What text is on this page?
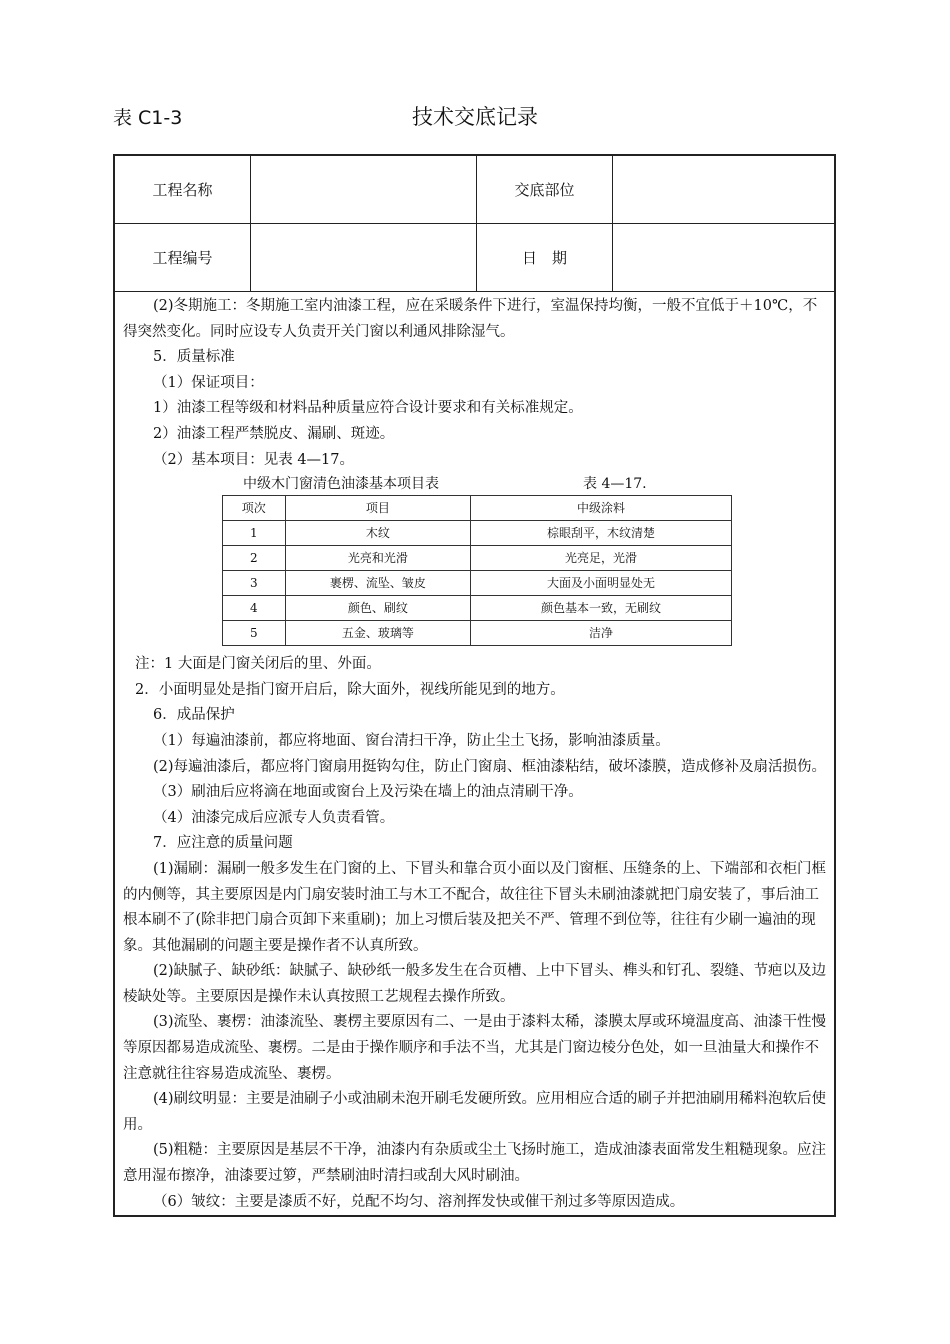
表 C1-3	技术交底记录
工程名称	交底部位
工程编号	日　期

(2)冬期施工：冬期施工室内油漆工程，应在采暖条件下进行，室温保持均衡，一般不宜低于＋10℃，不得突然变化。同时应设专人负责开关门窗以利通风排除湿气。

5．质量标准

（1）保证项目：

1）油漆工程等级和材料品种质量应符合设计要求和有关标准规定。

2）油漆工程严禁脱皮、漏刷、斑迹。

（2）基本项目：见表 4—17。

中级木门窗清色油漆基本项目表	表 4—17.
项次	项目	中级涂料
1	木纹	棕眼刮平，木纹清楚
2	光亮和光滑	光亮足，光滑
3	裹楞、流坠、皱皮	大面及小面明显处无
4	颜色、刷纹	颜色基本一致，无刷纹
5	五金、玻璃等	洁净

注：1 大面是门窗关闭后的里、外面。

2．小面明显处是指门窗开启后，除大面外，视线所能见到的地方。

6．成品保护

（1）每遍油漆前，都应将地面、窗台清扫干净，防止尘土飞扬，影响油漆质量。

(2)每遍油漆后，都应将门窗扇用挺钩勾住，防止门窗扇、框油漆粘结，破坏漆膜，造成修补及扇活损伤。

（3）刷油后应将滴在地面或窗台上及污染在墙上的油点清刷干净。

（4）油漆完成后应派专人负责看管。

7．应注意的质量问题

(1)漏刷：漏刷一般多发生在门窗的上、下冒头和靠合页小面以及门窗框、压缝条的上、下端部和衣柜门框的内侧等，其主要原因是内门扇安装时油工与木工不配合，故往往下冒头未刷油漆就把门扇安装了，事后油工根本刷不了(除非把门扇合页卸下来重刷)；加上习惯后装及把关不严、管理不到位等，往往有少刷一遍油的现象。其他漏刷的问题主要是操作者不认真所致。

(2)缺腻子、缺砂纸：缺腻子、缺砂纸一般多发生在合页槽、上中下冒头、榫头和钉孔、裂缝、节疤以及边棱缺处等。主要原因是操作未认真按照工艺规程去操作所致。

(3)流坠、裹楞：油漆流坠、裹楞主要原因有二、一是由于漆料太稀，漆膜太厚或环境温度高、油漆干性慢等原因都易造成流坠、裹楞。二是由于操作顺序和手法不当，尤其是门窗边棱分色处，如一旦油量大和操作不注意就往往容易造成流坠、裹楞。

(4)刷纹明显：主要是油刷子小或油刷未泡开刷毛发硬所致。应用相应合适的刷子并把油刷用稀料泡软后使用。

(5)粗糙：主要原因是基层不干净，油漆内有杂质或尘土飞扬时施工，造成油漆表面常发生粗糙现象。应注意用湿布擦净，油漆要过箩，严禁刷油时清扫或刮大风时刷油。

（6）皱纹：主要是漆质不好，兑配不均匀、溶剂挥发快或催干剂过多等原因造成。
